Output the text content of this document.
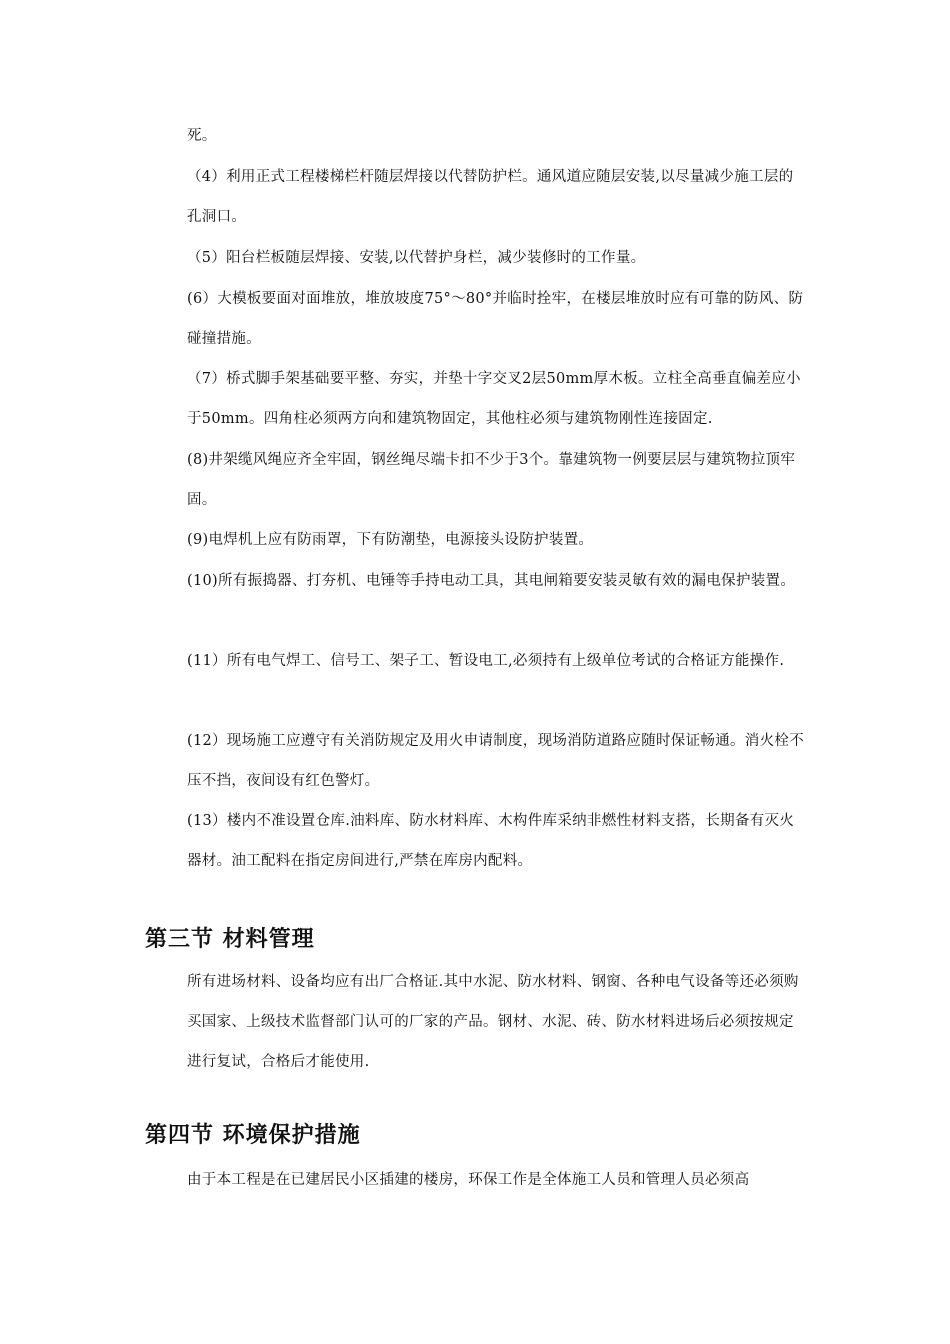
死。

（4）利用正式工程楼梯栏杆随层焊接以代替防护栏。通风道应随层安装,以尽量减少施工层的孔洞口。

（5）阳台栏板随层焊接、安装,以代替护身栏，减少装修时的工作量。

(6）大模板要面对面堆放，堆放坡度75°～80°并临时拴牢，在楼层堆放时应有可靠的防风、防碰撞措施。

（7）桥式脚手架基础要平整、夯实，并垫十字交叉2层50mm厚木板。立柱全高垂直偏差应小于50mm。四角柱必须两方向和建筑物固定，其他柱必须与建筑物刚性连接固定.

(8)井架缆风绳应齐全牢固，钢丝绳尽端卡扣不少于3个。靠建筑物一例要层层与建筑物拉顶牢固。

(9)电焊机上应有防雨罩，下有防潮垫，电源接头设防护装置。

(10)所有振捣器、打夯机、电锤等手持电动工具，其电闸箱要安装灵敏有效的漏电保护装置。

(11）所有电气焊工、信号工、架子工、暂设电工,必须持有上级单位考试的合格证方能操作.

(12）现场施工应遵守有关消防规定及用火申请制度，现场消防道路应随时保证畅通。消火栓不压不挡，夜间设有红色警灯。

(13）楼内不准设置仓库.油料库、防水材料库、木构件库采纳非燃性材料支搭，长期备有灭火器材。油工配料在指定房间进行,严禁在库房内配料。

第三节 材料管理

所有进场材料、设备均应有出厂合格证.其中水泥、防水材料、钢窗、各种电气设备等还必须购买国家、上级技术监督部门认可的厂家的产品。钢材、水泥、砖、防水材料进场后必须按规定进行复试，合格后才能使用.

第四节 环境保护措施

由于本工程是在已建居民小区插建的楼房，环保工作是全体施工人员和管理人员必须高
